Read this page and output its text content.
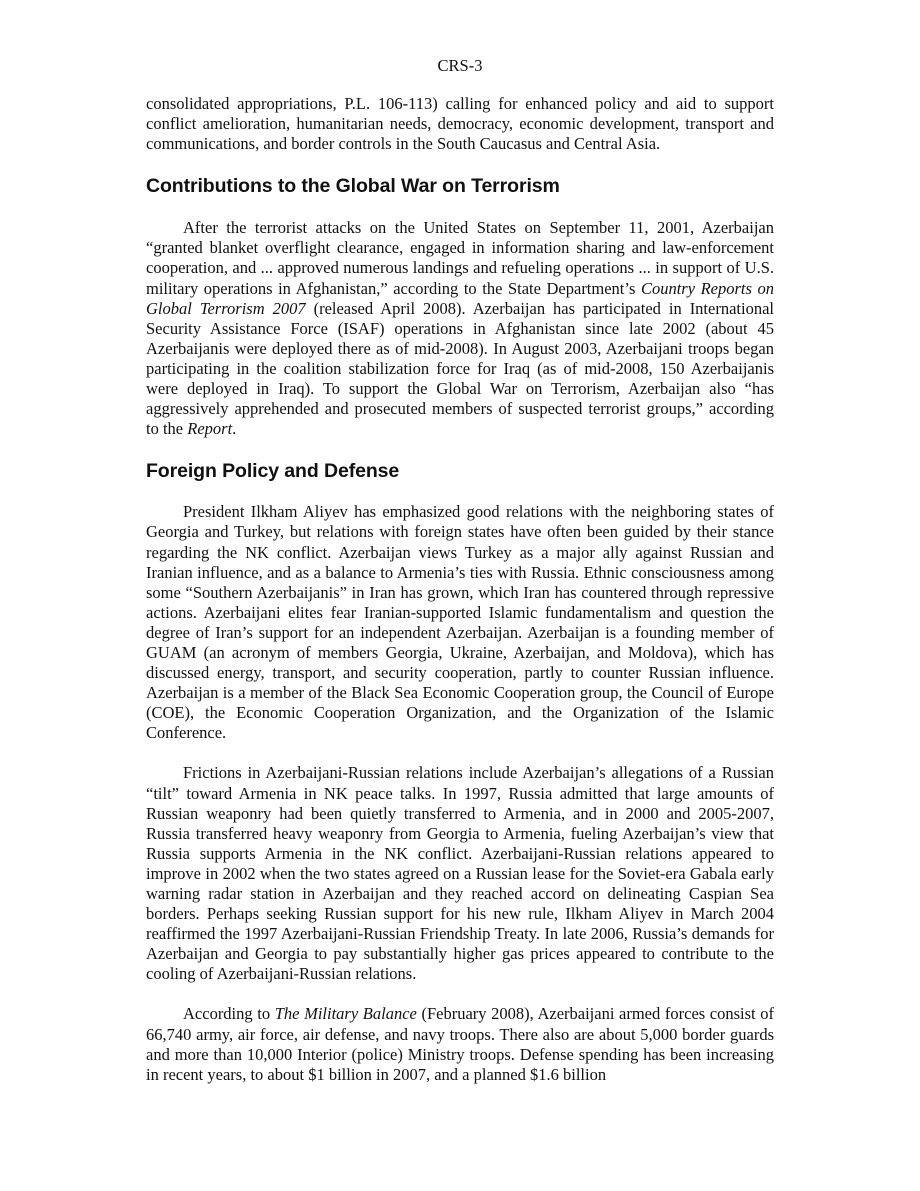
CRS-3

consolidated appropriations, P.L. 106-113) calling for enhanced policy and aid to support conflict amelioration, humanitarian needs, democracy, economic development, transport and communications, and border controls in the South Caucasus and Central Asia.

Contributions to the Global War on Terrorism

After the terrorist attacks on the United States on September 11, 2001, Azerbaijan “granted blanket overflight clearance, engaged in information sharing and law-enforcement cooperation, and ... approved numerous landings and refueling operations ... in support of U.S. military operations in Afghanistan,” according to the State Department’s Country Reports on Global Terrorism 2007 (released April 2008). Azerbaijan has participated in International Security Assistance Force (ISAF) operations in Afghanistan since late 2002 (about 45 Azerbaijanis were deployed there as of mid-2008). In August 2003, Azerbaijani troops began participating in the coalition stabilization force for Iraq (as of mid-2008, 150 Azerbaijanis were deployed in Iraq). To support the Global War on Terrorism, Azerbaijan also “has aggressively apprehended and prosecuted members of suspected terrorist groups,” according to the Report.

Foreign Policy and Defense

President Ilkham Aliyev has emphasized good relations with the neighboring states of Georgia and Turkey, but relations with foreign states have often been guided by their stance regarding the NK conflict. Azerbaijan views Turkey as a major ally against Russian and Iranian influence, and as a balance to Armenia’s ties with Russia. Ethnic consciousness among some “Southern Azerbaijanis” in Iran has grown, which Iran has countered through repressive actions. Azerbaijani elites fear Iranian-supported Islamic fundamentalism and question the degree of Iran’s support for an independent Azerbaijan. Azerbaijan is a founding member of GUAM (an acronym of members Georgia, Ukraine, Azerbaijan, and Moldova), which has discussed energy, transport, and security cooperation, partly to counter Russian influence. Azerbaijan is a member of the Black Sea Economic Cooperation group, the Council of Europe (COE), the Economic Cooperation Organization, and the Organization of the Islamic Conference.

Frictions in Azerbaijani-Russian relations include Azerbaijan’s allegations of a Russian “tilt” toward Armenia in NK peace talks. In 1997, Russia admitted that large amounts of Russian weaponry had been quietly transferred to Armenia, and in 2000 and 2005-2007, Russia transferred heavy weaponry from Georgia to Armenia, fueling Azerbaijan’s view that Russia supports Armenia in the NK conflict. Azerbaijani-Russian relations appeared to improve in 2002 when the two states agreed on a Russian lease for the Soviet-era Gabala early warning radar station in Azerbaijan and they reached accord on delineating Caspian Sea borders. Perhaps seeking Russian support for his new rule, Ilkham Aliyev in March 2004 reaffirmed the 1997 Azerbaijani-Russian Friendship Treaty. In late 2006, Russia’s demands for Azerbaijan and Georgia to pay substantially higher gas prices appeared to contribute to the cooling of Azerbaijani-Russian relations.

According to The Military Balance (February 2008), Azerbaijani armed forces consist of 66,740 army, air force, air defense, and navy troops. There also are about 5,000 border guards and more than 10,000 Interior (police) Ministry troops. Defense spending has been increasing in recent years, to about $1 billion in 2007, and a planned $1.6 billion
